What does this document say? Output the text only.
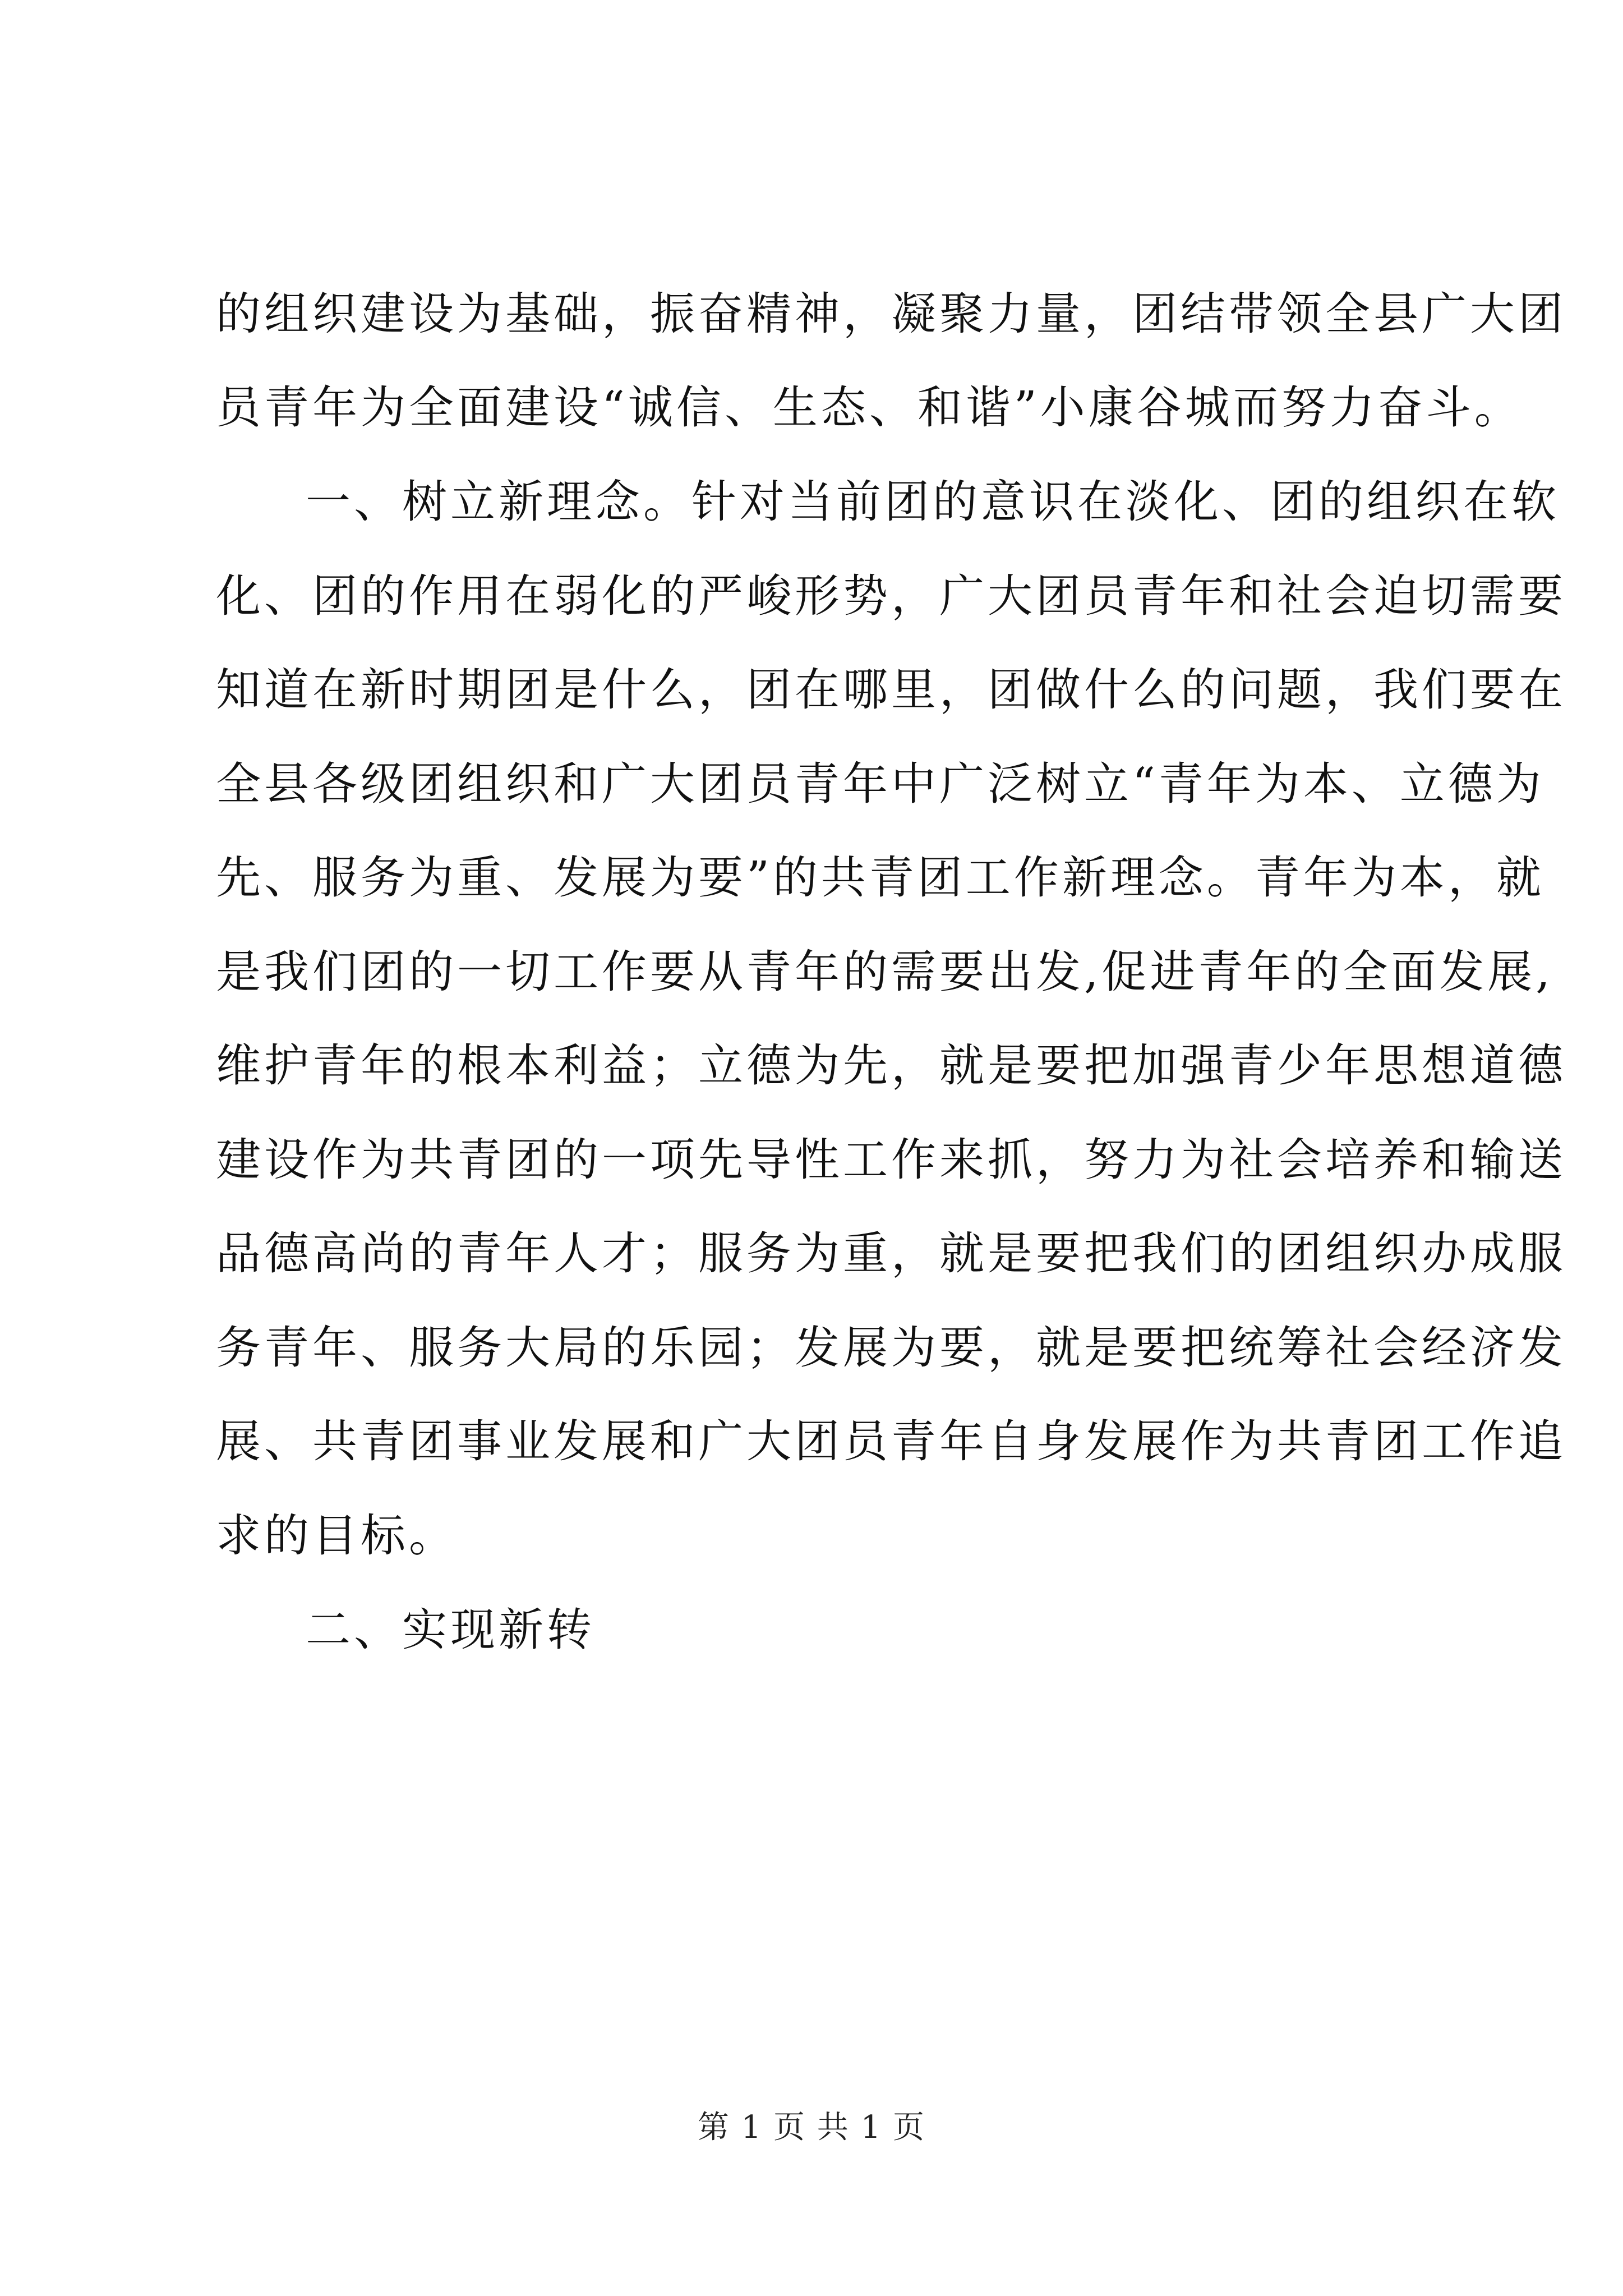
的组织建设为基础，振奋精神，凝聚力量，团结带领全县广大团
员青年为全面建设“诚信、生态、和谐”小康谷城而努力奋斗。
一、树立新理念。针对当前团的意识在淡化、团的组织在软
化、团的作用在弱化的严峻形势，广大团员青年和社会迫切需要
知道在新时期团是什么，团在哪里，团做什么的问题，我们要在
全县各级团组织和广大团员青年中广泛树立“青年为本、立德为
先、服务为重、发展为要”的共青团工作新理念。青年为本，就
是我们团的一切工作要从青年的需要出发,促进青年的全面发展,
维护青年的根本利益；立德为先，就是要把加强青少年思想道德
建设作为共青团的一项先导性工作来抓，努力为社会培养和输送
品德高尚的青年人才；服务为重，就是要把我们的团组织办成服
务青年、服务大局的乐园；发展为要，就是要把统筹社会经济发
展、共青团事业发展和广大团员青年自身发展作为共青团工作追
求的目标。
二、实现新转
第 1 页 共 1 页
